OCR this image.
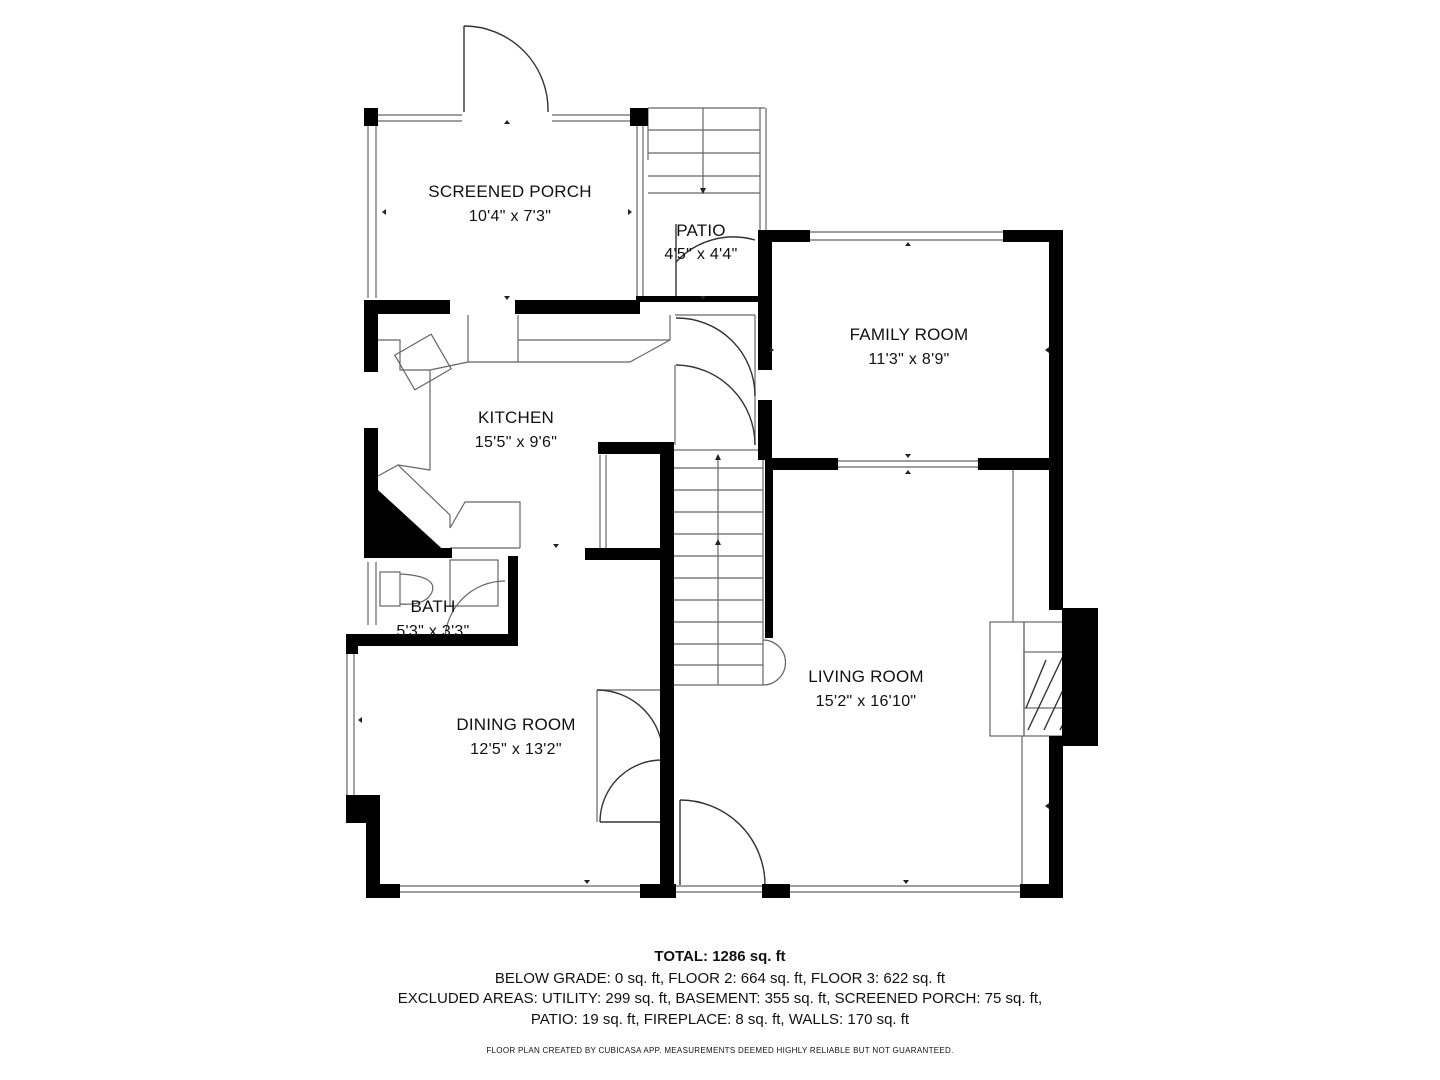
SCREENED PORCH
10'4" x 7'3"
PATIO
4'5" x 4'4"
FAMILY ROOM
11'3" x 8'9"
KITCHEN
15'5" x 9'6"
BATH
5'3" x 3'3"
LIVING ROOM
15'2" x 16'10"
DINING ROOM
12'5" x 13'2"
TOTAL: 1286 sq. ft
BELOW GRADE: 0 sq. ft, FLOOR 2: 664 sq. ft, FLOOR 3: 622 sq. ft
EXCLUDED AREAS: UTILITY: 299 sq. ft, BASEMENT: 355 sq. ft, SCREENED PORCH: 75 sq. ft,
PATIO: 19 sq. ft, FIREPLACE: 8 sq. ft, WALLS: 170 sq. ft
FLOOR PLAN CREATED BY CUBICASA APP. MEASUREMENTS DEEMED HIGHLY RELIABLE BUT NOT GUARANTEED.
